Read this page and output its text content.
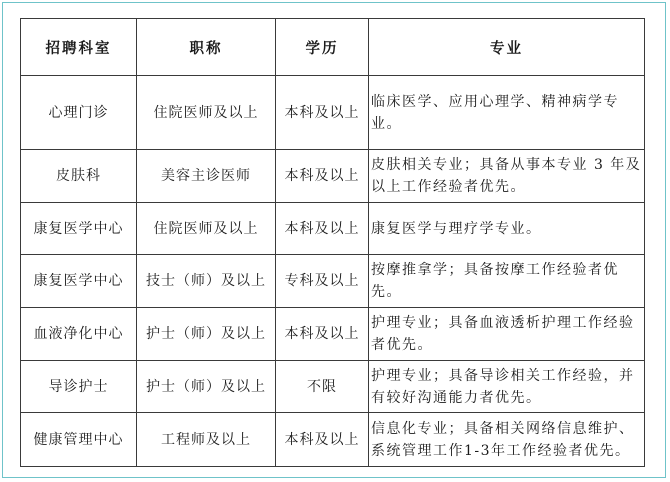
招聘科室	职称	学历	专业
心理门诊	住院医师及以上	本科及以上	临床医学、应用心理学、精神病学专业。
皮肤科	美容主诊医师	本科及以上	皮肤相关专业；具备从事本专业 3 年及以上工作经验者优先。
康复医学中心	住院医师及以上	本科及以上	康复医学与理疗学专业。
康复医学中心	技士（师）及以上	专科及以上	按摩推拿学；具备按摩工作经验者优先。
血液净化中心	护士（师）及以上	本科及以上	护理专业；具备血液透析护理工作经验者优先。
导诊护士	护士（师）及以上	不限	护理专业；具备导诊相关工作经验，并有较好沟通能力者优先。
健康管理中心	工程师及以上	本科及以上	信息化专业；具备相关网络信息维护、系统管理工作1-3年工作经验者优先。
